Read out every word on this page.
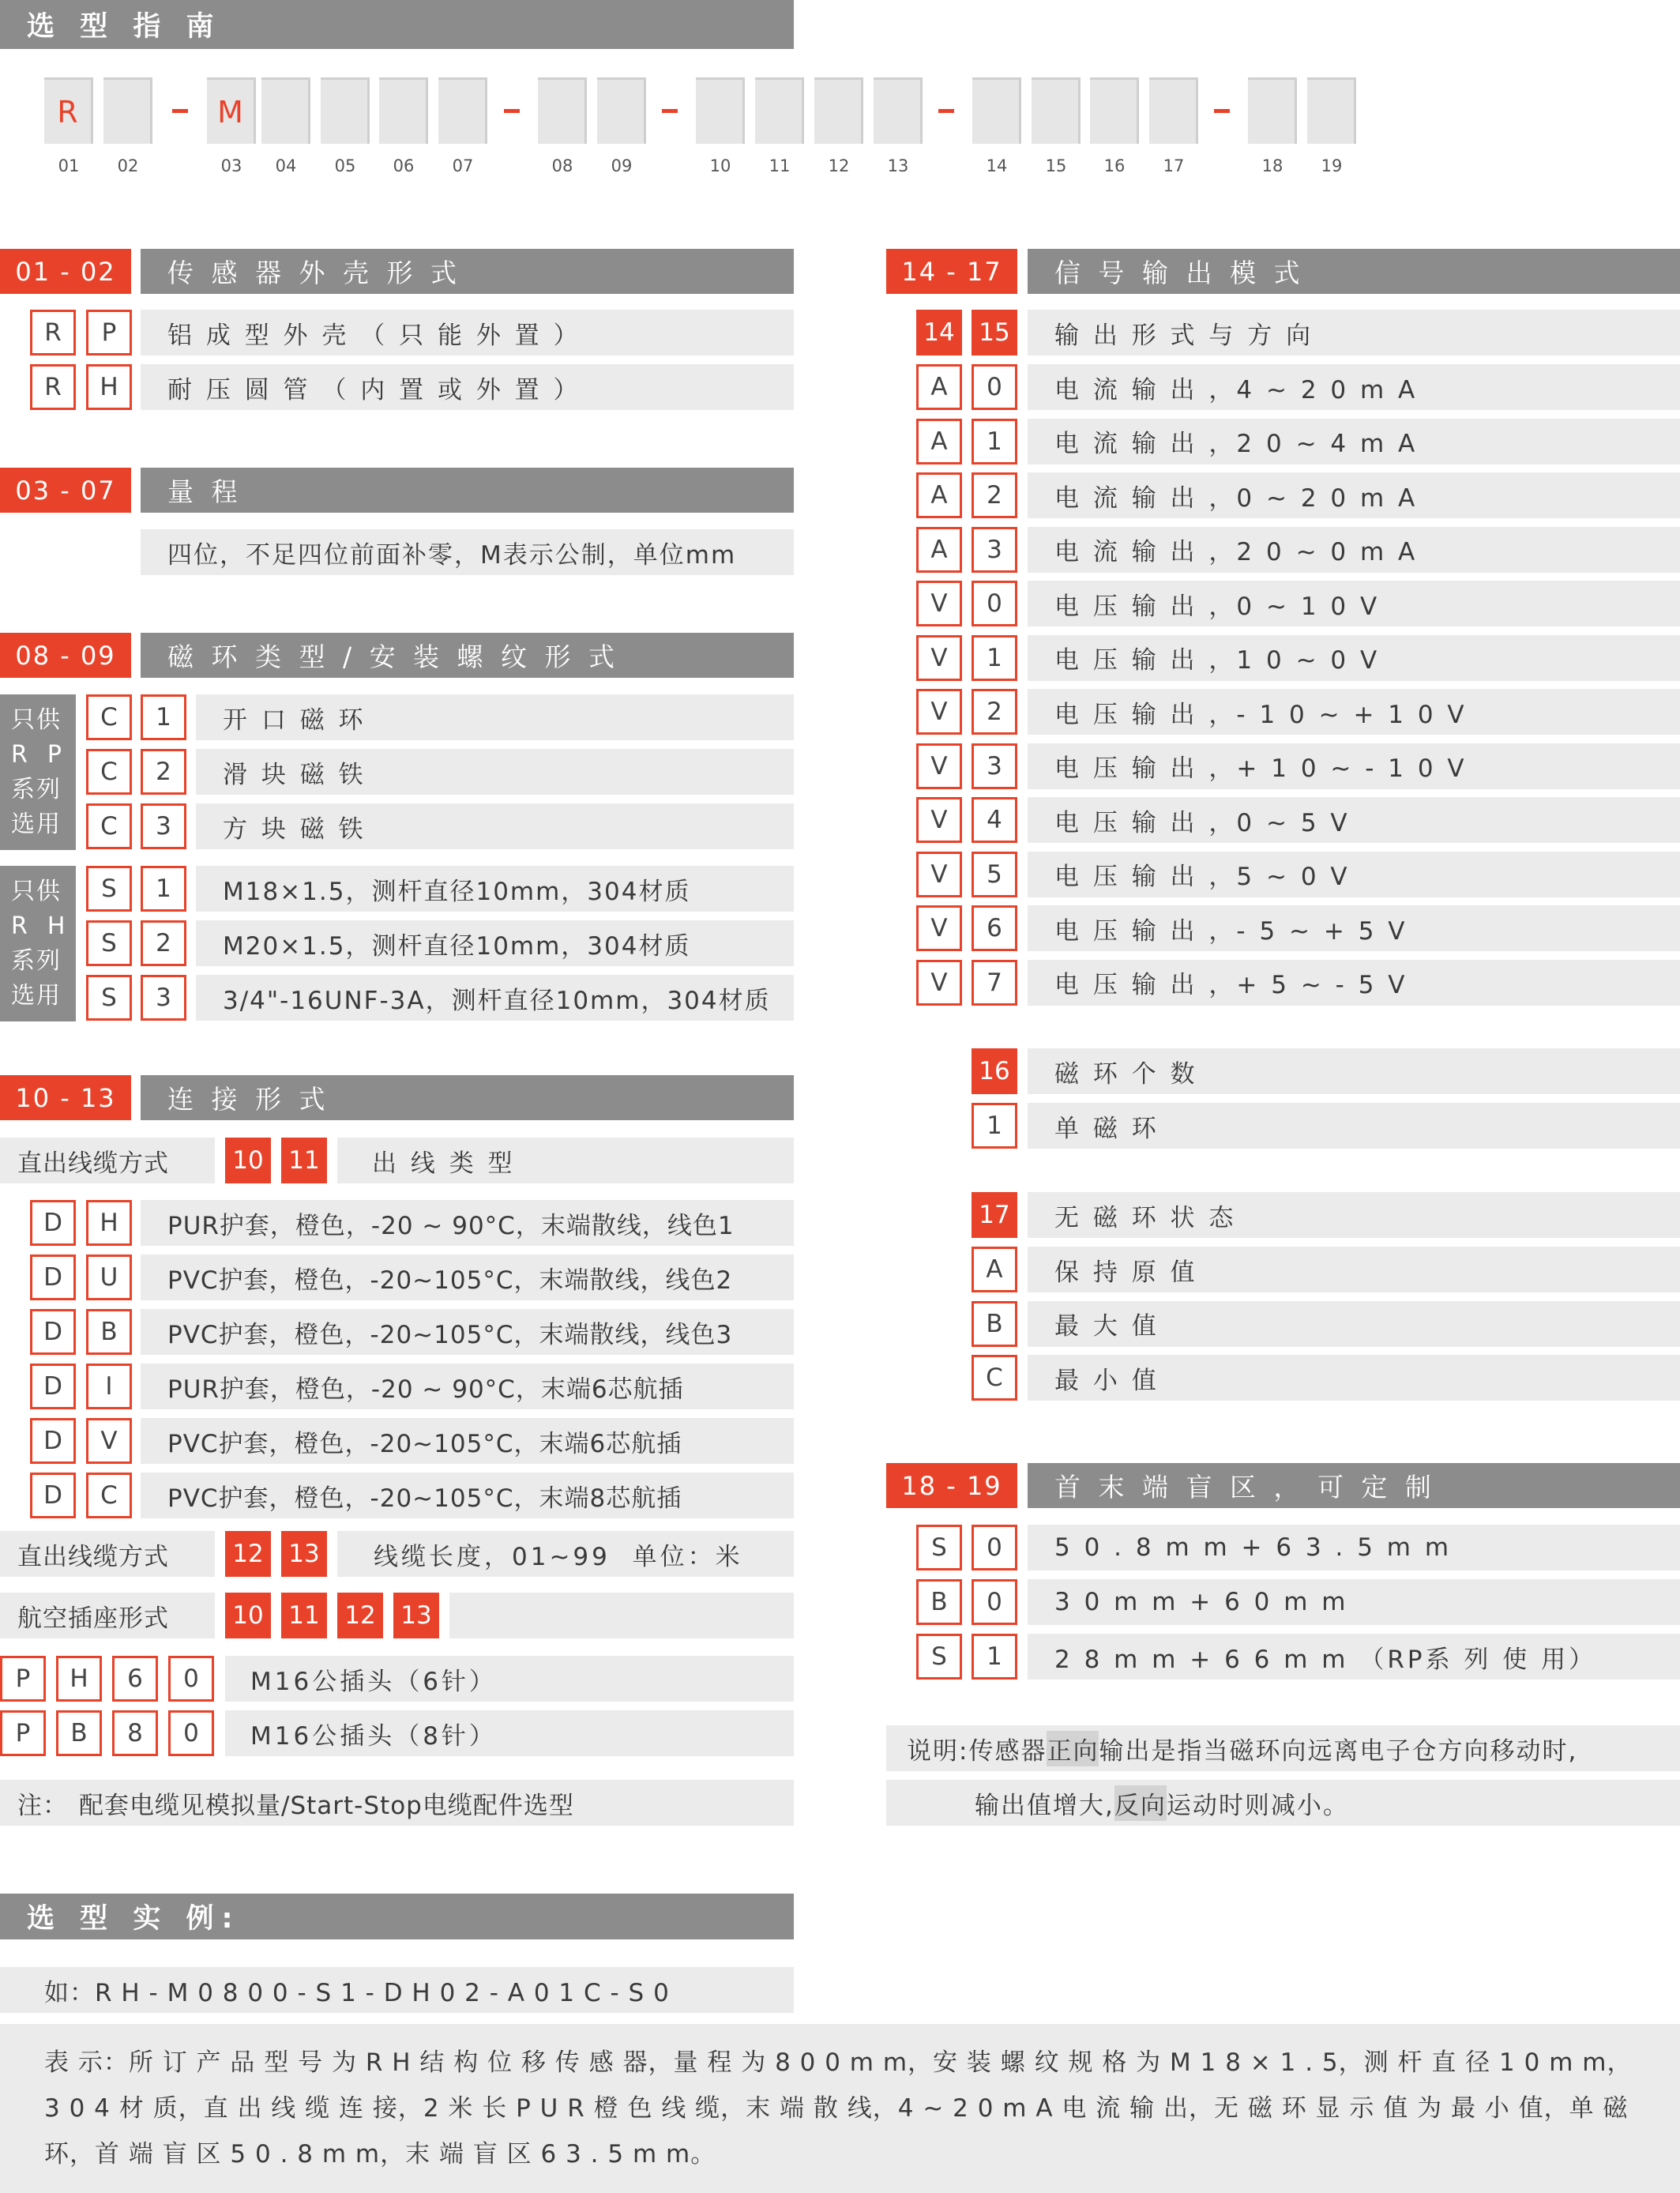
选 型 指 南
R
01	02
M
03	04	05	06	07	08	09	10	11	12	13	14	15	16	17	18	19
01 - 02	传 感 器 外 壳 形 式
R	P	铝 成 型 外 壳 （ 只 能 外 置 ）
R	H	耐 压 圆 管 （ 内 置 或 外 置 ）
03 - 07	量 程
四位，不足四位前面补零，M表示公制，单位mm
08 - 09	磁 环 类 型 / 安 装 螺 纹 形 式
只供
R  P
系列
选用
只供
R  H
系列
选用
C	1	开 口 磁 环
C	2	滑 块 磁 铁
C	3	方 块 磁 铁
S	1	M18×1.5，测杆直径10mm，304材质
S	2	M20×1.5，测杆直径10mm，304材质
S	3	3/4"-16UNF-3A，测杆直径10mm，304材质
10 - 13	连 接 形 式
直出线缆方式	10 11	出 线 类 型
D	H	PUR护套，橙色，-20 ~ 90°C，末端散线，线色1
D	U	PVC护套，橙色，-20~105°C，末端散线，线色2
D	B	PVC护套，橙色，-20~105°C，末端散线，线色3
D	I	PUR护套，橙色，-20 ~ 90°C，末端6芯航插
D	V	PVC护套，橙色，-20~105°C，末端6芯航插
D	C	PVC护套，橙色，-20~105°C，末端8芯航插
直出线缆方式	12 13	线缆长度，01~99  单位：米
航空插座形式	10 11 12 13
P	H	6	0	M16公插头（6针）
P	B	8	0	M16公插头（8针）
注： 配套电缆见模拟量/Start-Stop电缆配件选型
14 - 17	信 号 输 出 模 式
14 15	输 出 形 式 与 方 向
A	0	电 流 输 出 ，4 ~ 2 0 m A
A	1	电 流 输 出 ，2 0 ~ 4 m A
A	2	电 流 输 出 ，0 ~ 2 0 m A
A	3	电 流 输 出 ，2 0 ~ 0 m A
V	0	电 压 输 出 ，0 ~ 1 0 V
V	1	电 压 输 出 ，1 0 ~ 0 V
V	2	电 压 输 出 ，- 1 0 ~ + 1 0 V
V	3	电 压 输 出 ，+ 1 0 ~ - 1 0 V
V	4	电 压 输 出 ，0 ~ 5 V
V	5	电 压 输 出 ，5 ~ 0 V
V	6	电 压 输 出 ，- 5 ~ + 5 V
V	7	电 压 输 出 ，+ 5 ~ - 5 V
16	磁 环 个 数
1	单 磁 环
17	无 磁 环 状 态
A	保 持 原 值
B	最 大 值
C	最 小 值
18 - 19	首 末 端 盲 区 ， 可 定 制
S	0	5 0 . 8 m m + 6 3 . 5 m m
B	0	3 0 m m + 6 0 m m
S	1	2 8 m m + 6 6 m m （RP系 列 使 用）
说明:传感器 正向 输出是指当磁环向远离电子仓方向移动时,
输出值增大, 反向 运动时则减小。
选 型 实 例:
如：R H - M 0 8 0 0 - S 1 - D H 0 2 - A 0 1 C - S 0
表 示：所 订 产 品 型 号 为 R H 结 构 位 移 传 感 器，量 程 为 8 0 0 m m，安 装 螺 纹 规 格 为 M 1 8 × 1 . 5，测 杆 直 径 1 0 m m，3 0 4 材 质，直 出 线 缆 连 接，2 米 长 P U R 橙 色 线 缆，末 端 散 线，4 ~ 2 0 m A 电 流 输 出，无 磁 环 显 示 值 为 最 小 值，单 磁 环，首 端 盲 区 5 0 . 8 m m，末 端 盲 区 6 3 . 5 m m。
